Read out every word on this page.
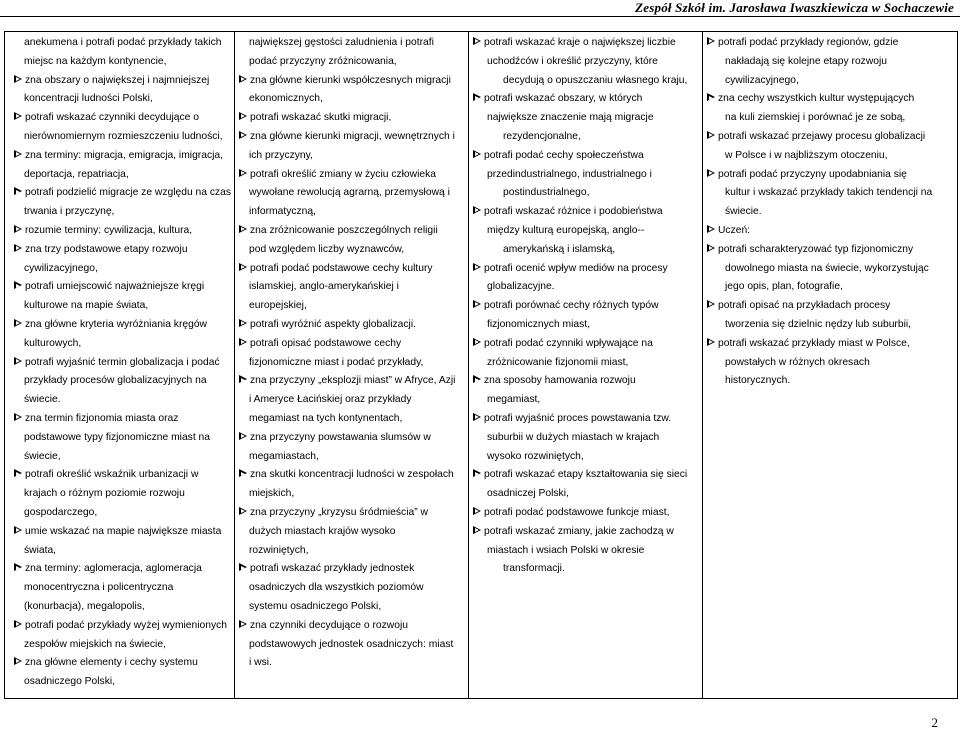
Zespół Szkół im. Jarosława Iwaszkiewicza w Sochaczewie
anekumena i potrafi podać przykłady takich
miejsc na każdym kontynencie,
zna obszary o największej i najmniejszej
koncentracji ludności Polski,
potrafi wskazać czynniki decydujące o
nierównomiernym rozmieszczeniu ludności,
zna terminy: migracja, emigracja, imigracja,
deportacja, repatriacja,
potrafi podzielić migracje ze względu na czas
trwania i przyczynę,
rozumie terminy: cywilizacja, kultura,
zna trzy podstawowe etapy rozwoju
cywilizacyjnego,
potrafi umiejscowić najważniejsze kręgi
kulturowe na mapie świata,
zna główne kryteria wyróżniania kręgów
kulturowych,
potrafi wyjaśnić termin globalizacja i podać
przykłady procesów globalizacyjnych na
świecie.
zna termin fizjonomia miasta oraz
podstawowe typy fizjonomiczne miast na
świecie,
potrafi określić wskaźnik urbanizacji w
krajach o różnym poziomie rozwoju
gospodarczego,
umie wskazać na mapie największe miasta
świata,
zna terminy: aglomeracja, aglomeracja
monocentryczna i policentryczna
(konurbacja), megalopolis,
potrafi podać przykłady wyżej wymienionych
zespołów miejskich na świecie,
zna główne elementy i cechy systemu
osadniczego Polski,

największej gęstości zaludnienia i potrafi
podać przyczyny zróżnicowania,
zna główne kierunki współczesnych migracji
ekonomicznych,
potrafi wskazać skutki migracji,
zna główne kierunki migracji, wewnętrznych i
ich przyczyny,
potrafi określić zmiany w życiu człowieka
wywołane rewolucją agrarną, przemysłową i
informatyczną,
zna zróżnicowanie poszczególnych religii
pod względem liczby wyznawców,
potrafi podać podstawowe cechy kultury
islamskiej, anglo-amerykańskiej i
europejskiej,
potrafi wyróżnić aspekty globalizacji.
potrafi opisać podstawowe cechy
fizjonomiczne miast i podać przykłady,
zna przyczyny „eksplozji miast” w Afryce, Azji
i Ameryce Łacińskiej oraz przykłady
megamiast na tych kontynentach,
zna przyczyny powstawania slumsów w
megamiastach,
zna skutki koncentracji ludności w zespołach
miejskich,
zna przyczyny „kryzysu śródmieścia” w
dużych miastach krajów wysoko
rozwiniętych,
potrafi wskazać przykłady jednostek
osadniczych dla wszystkich poziomów
systemu osadniczego Polski,
zna czynniki decydujące o rozwoju
podstawowych jednostek osadniczych: miast
i wsi.

potrafi wskazać kraje o największej liczbie
uchodźców i określić przyczyny, które
decydują o opuszczaniu własnego kraju,
potrafi wskazać obszary, w których
największe znaczenie mają migracje
rezydencjonalne,
potrafi podać cechy społeczeństwa
przedindustrialnego, industrialnego i
postindustrialnego,
potrafi wskazać różnice i podobieństwa
między kulturą europejską, anglo--
amerykańską i islamską,
potrafi ocenić wpływ mediów na procesy
globalizacyjne.
potrafi porównać cechy różnych typów
fizjonomicznych miast,
potrafi podać czynniki wpływające na
zróżnicowanie fizjonomii miast,
zna sposoby hamowania rozwoju
megamiast,
potrafi wyjaśnić proces powstawania tzw.
suburbii w dużych miastach w krajach
wysoko rozwiniętych,
potrafi wskazać etapy kształtowania się sieci
osadniczej Polski,
potrafi podać podstawowe funkcje miast,
potrafi wskazać zmiany, jakie zachodzą w
miastach i wsiach Polski w okresie
transformacji.

potrafi podać przykłady regionów, gdzie
nakładają się kolejne etapy rozwoju
cywilizacyjnego,
zna cechy wszystkich kultur występujących
na kuli ziemskiej i porównać je ze sobą,
potrafi wskazać przejawy procesu globalizacji
w Polsce i w najbliższym otoczeniu,
potrafi podać przyczyny upodabniania się
kultur i wskazać przykłady takich tendencji na
świecie.
Uczeń:
potrafi scharakteryzować typ fizjonomiczny
dowolnego miasta na świecie, wykorzystując
jego opis, plan, fotografie,
potrafi opisać na przykładach procesy
tworzenia się dzielnic nędzy lub suburbii,
potrafi wskazać przykłady miast w Polsce,
powstałych w różnych okresach
historycznych.
2
